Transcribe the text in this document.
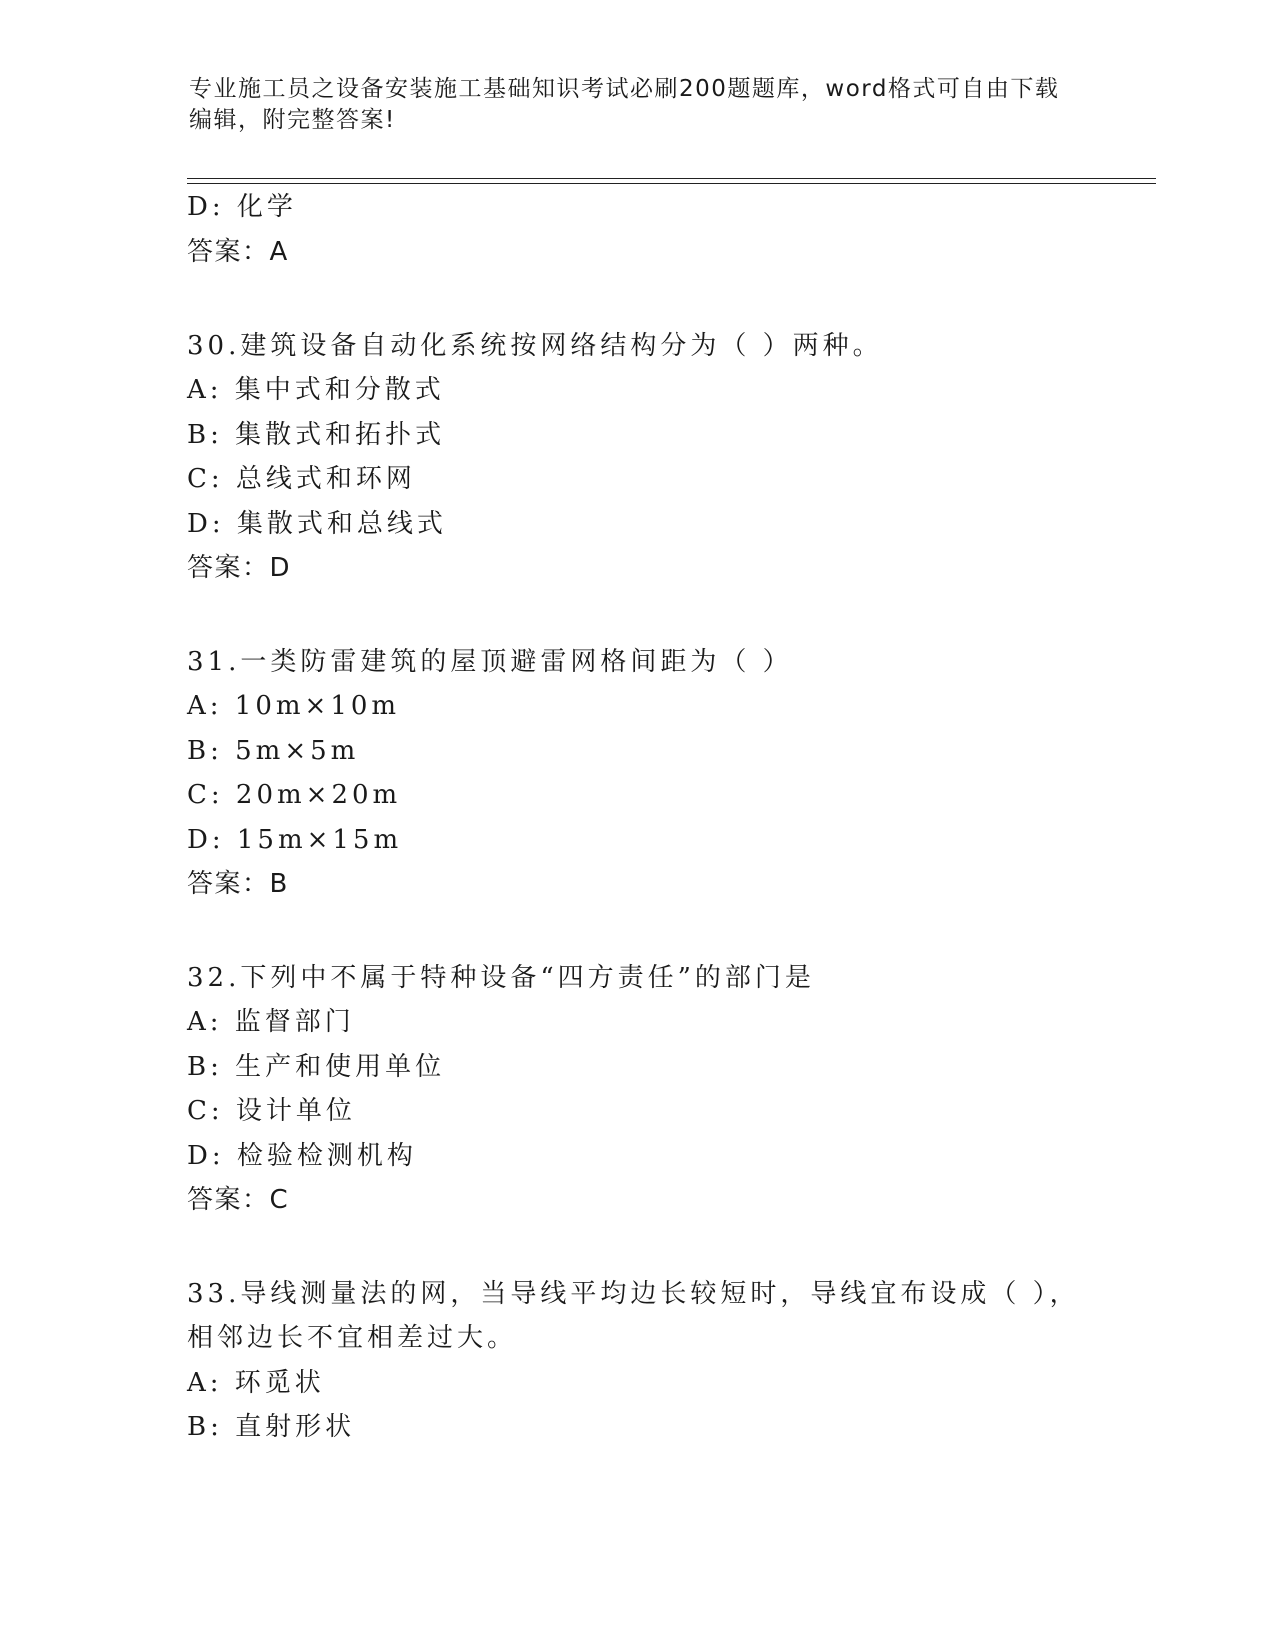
专业施工员之设备安装施工基础知识考试必刷200题题库，word格式可自由下载
编辑，附完整答案!
D: 化学
答案：A
30.建筑设备自动化系统按网络结构分为（ ）两种。
A: 集中式和分散式
B: 集散式和拓扑式
C: 总线式和环网
D: 集散式和总线式
答案：D
31.一类防雷建筑的屋顶避雷网格间距为（ ）
A: 10m×10m
B: 5m×5m
C: 20m×20m
D: 15m×15m
答案：B
32.下列中不属于特种设备“四方责任”的部门是
A: 监督部门
B: 生产和使用单位
C: 设计单位
D: 检验检测机构
答案：C
33.导线测量法的网，当导线平均边长较短时，导线宜布设成（ ），
相邻边长不宜相差过大。
A: 环觅状
B: 直射形状
